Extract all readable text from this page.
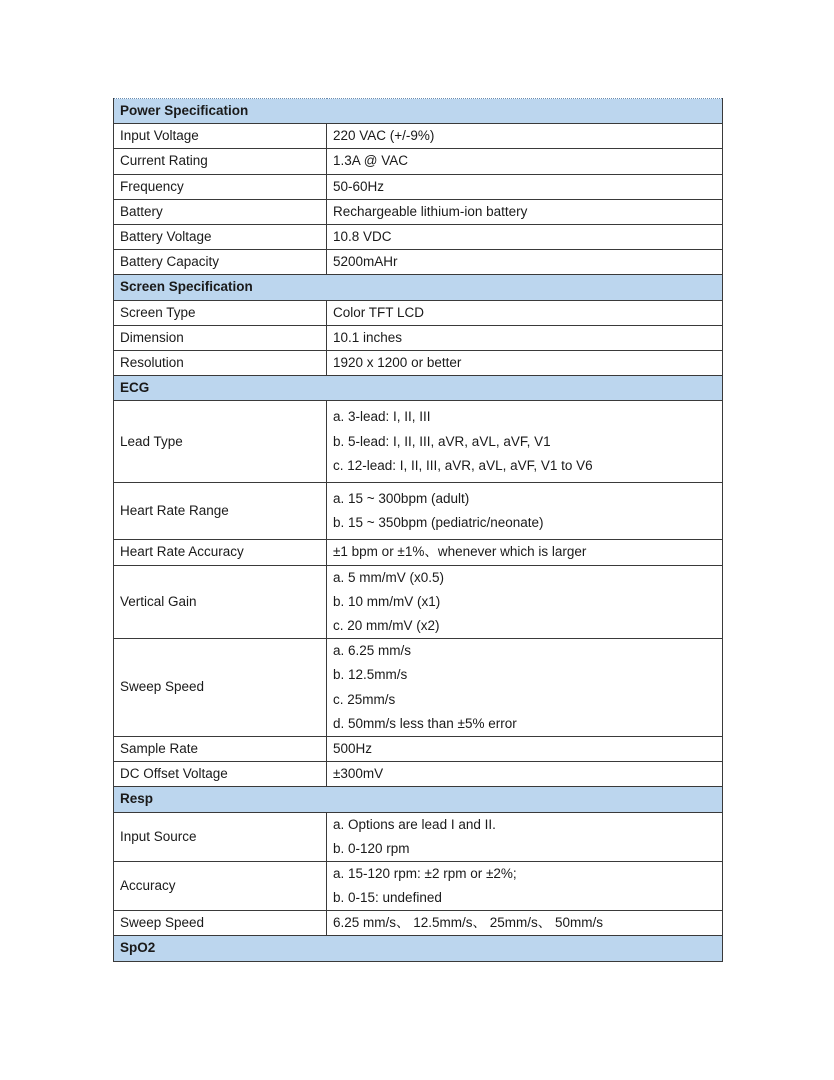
Power Specification	
Input Voltage	220 VAC (+/-9%)

Current Rating	1.3A @ VAC

Frequency	50-60Hz

Battery	Rechargeable lithium-ion battery

Battery Voltage	10.8 VDC

Battery Capacity	5200mAHr

Screen Specification	
Screen Type	Color TFT LCD

Dimension	10.1 inches

Resolution	1920 x 1200 or better

ECG	
Lead Type	a. 3-lead: I, II, III
b. 5-lead: I, II, III, aVR, aVL, aVF, V1
c. 12-lead: I, II, III, aVR, aVL, aVF, V1 to V6

Heart Rate Range	a. 15 ~ 300bpm (adult)
b. 15 ~ 350bpm (pediatric/neonate)

Heart Rate Accuracy	±1 bpm or ±1%、whenever which is larger

Vertical Gain	a. 5 mm/mV (x0.5)
b. 10 mm/mV (x1)
c. 20 mm/mV (x2)

Sweep Speed	a. 6.25 mm/s
b. 12.5mm/s
c. 25mm/s
d. 50mm/s less than ±5% error

Sample Rate	500Hz

DC Offset Voltage	±300mV

Resp	
Input Source	a. Options are lead I and II.
b. 0-120 rpm

Accuracy	a. 15-120 rpm: ±2 rpm or ±2%;
b. 0-15: undefined

Sweep Speed	6.25 mm/s、 12.5mm/s、 25mm/s、 50mm/s

SpO2	
